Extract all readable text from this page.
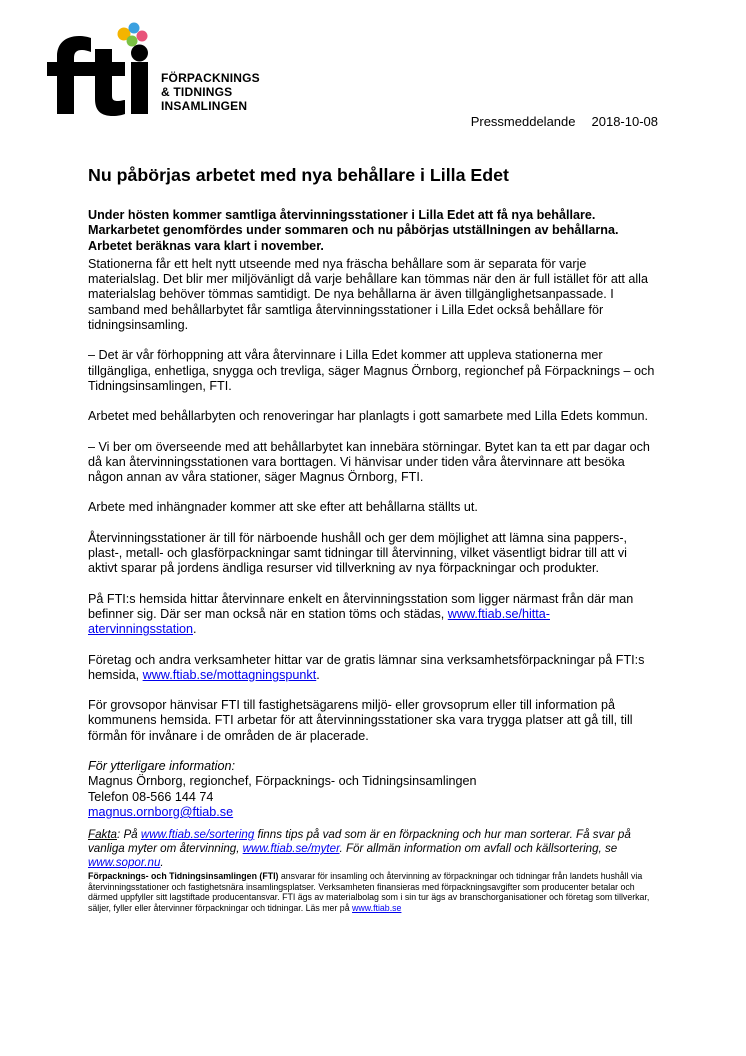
FÖRPACKNINGS
& TIDNINGS
INSAMLINGEN
Pressmeddelande 2018-10-08
Nu påbörjas arbetet med nya behållare i Lilla Edet

Under hösten kommer samtliga återvinningsstationer i Lilla Edet att få nya behållare. Markarbetet genomfördes under sommaren och nu påbörjas utställningen av behållarna. Arbetet beräknas vara klart i november.

Stationerna får ett helt nytt utseende med nya fräscha behållare som är separata för varje materialslag. Det blir mer miljövänligt då varje behållare kan tömmas när den är full istället för att alla materialslag behöver tömmas samtidigt. De nya behållarna är även tillgänglighetsanpassade. I samband med behållarbytet får samtliga återvinningsstationer i Lilla Edet också behållare för tidningsinsamling.

– Det är vår förhoppning att våra återvinnare i Lilla Edet kommer att uppleva stationerna mer tillgängliga, enhetliga, snygga och trevliga, säger Magnus Örnborg, regionchef på Förpacknings – och Tidningsinsamlingen, FTI.

Arbetet med behållarbyten och renoveringar har planlagts i gott samarbete med Lilla Edets kommun.

– Vi ber om överseende med att behållarbytet kan innebära störningar. Bytet kan ta ett par dagar och då kan återvinningsstationen vara borttagen. Vi hänvisar under tiden våra återvinnare att besöka någon annan av våra stationer, säger Magnus Örnborg, FTI.

Arbete med inhängnader kommer att ske efter att behållarna ställts ut.

Återvinningsstationer är till för närboende hushåll och ger dem möjlighet att lämna sina pappers-, plast-, metall- och glasförpackningar samt tidningar till återvinning, vilket väsentligt bidrar till att vi aktivt sparar på jordens ändliga resurser vid tillverkning av nya förpackningar och produkter.

På FTI:s hemsida hittar återvinnare enkelt en återvinningsstation som ligger närmast från där man befinner sig. Där ser man också när en station töms och städas, www.ftiab.se/hitta-atervinningsstation.

Företag och andra verksamheter hittar var de gratis lämnar sina verksamhetsförpackningar på FTI:s hemsida, www.ftiab.se/mottagningspunkt.

För grovsopor hänvisar FTI till fastighetsägarens miljö- eller grovsoprum eller till information på kommunens hemsida. FTI arbetar för att återvinningsstationer ska vara trygga platser att gå till, till förmån för invånare i de områden de är placerade.

För ytterligare information:
Magnus Örnborg, regionchef, Förpacknings- och Tidningsinsamlingen
Telefon 08-566 144 74
magnus.ornborg@ftiab.se
Fakta: På www.ftiab.se/sortering finns tips på vad som är en förpackning och hur man sorterar. Få svar på vanliga myter om återvinning, www.ftiab.se/myter. För allmän information om avfall och källsortering, se www.sopor.nu.
Förpacknings- och Tidningsinsamlingen (FTI) ansvarar för insamling och återvinning av förpackningar och tidningar från landets hushåll via återvinningsstationer och fastighetsnära insamlingsplatser. Verksamheten finansieras med förpackningsavgifter som producenter betalar och därmed uppfyller sitt lagstiftade producentansvar. FTI ägs av materialbolag som i sin tur ägs av branschorganisationer och företag som tillverkar, säljer, fyller eller återvinner förpackningar och tidningar. Läs mer på www.ftiab.se
